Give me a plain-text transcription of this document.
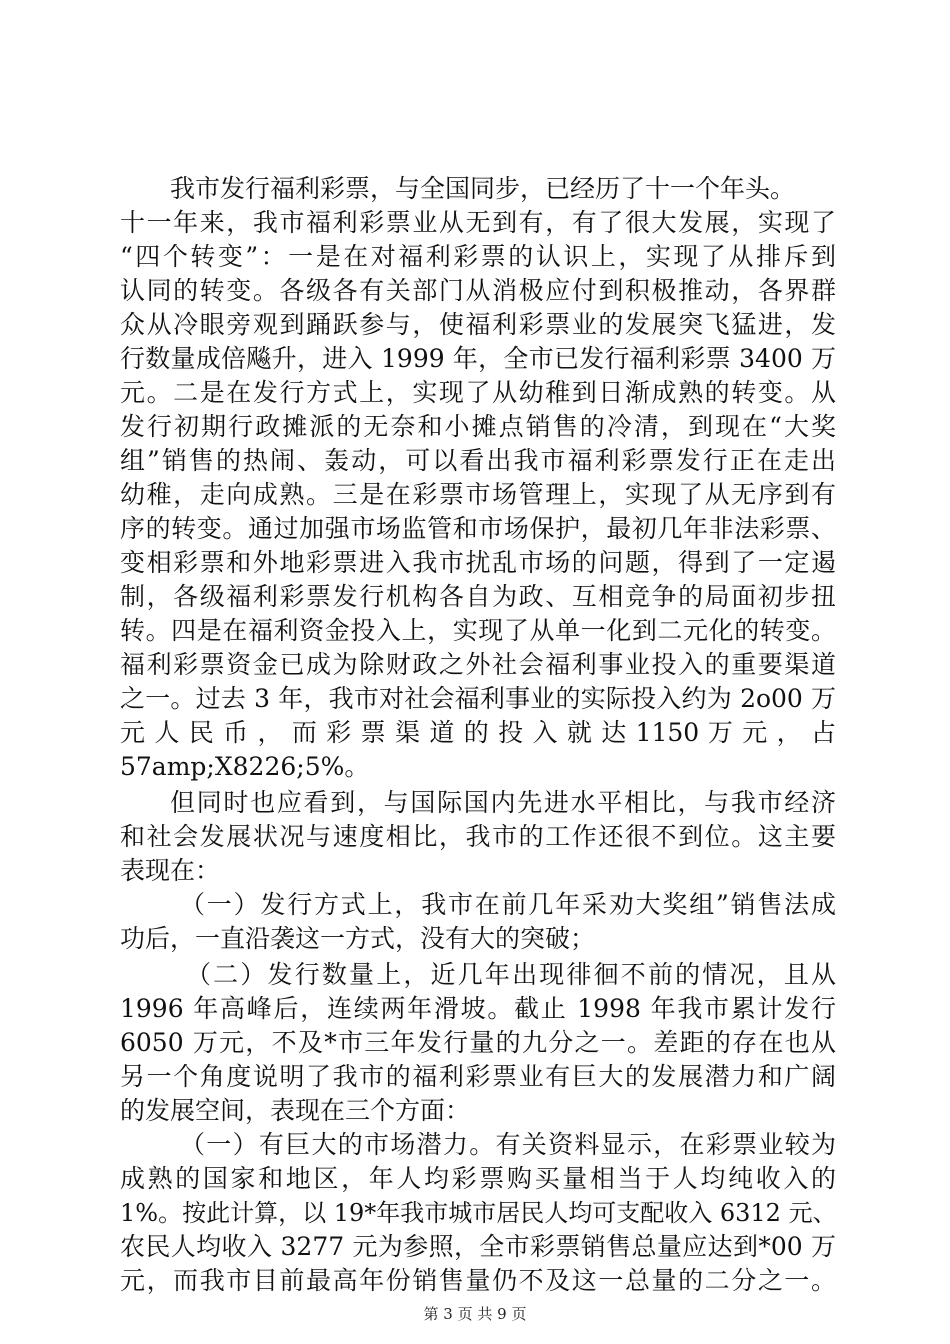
我市发行福利彩票，与全国同步，已经历了十一个年头。
十一年来，我市福利彩票业从无到有，有了很大发展，实现了
“四个转变”：一是在对福利彩票的认识上，实现了从排斥到
认同的转变。各级各有关部门从消极应付到积极推动，各界群
众从冷眼旁观到踊跃参与，使福利彩票业的发展突飞猛进，发
行数量成倍飚升，进入 1999 年，全市已发行福利彩票 3400 万
元。二是在发行方式上，实现了从幼稚到日渐成熟的转变。从
发行初期行政摊派的无奈和小摊点销售的冷清，到现在“大奖
组”销售的热闹、轰动，可以看出我市福利彩票发行正在走出
幼稚，走向成熟。三是在彩票市场管理上，实现了从无序到有
序的转变。通过加强市场监管和市场保护，最初几年非法彩票、
变相彩票和外地彩票进入我市扰乱市场的问题，得到了一定遏
制，各级福利彩票发行机构各自为政、互相竞争的局面初步扭
转。四是在福利资金投入上，实现了从单一化到二元化的转变。
福利彩票资金已成为除财政之外社会福利事业投入的重要渠道
之一。过去 3 年，我市对社会福利事业的实际投入约为 2o00 万
元 人 民 币 ， 而 彩 票 渠 道 的 投 入 就 达 1150 万 元 ， 占
57amp;X8226;5%。
但同时也应看到，与国际国内先进水平相比，与我市经济
和社会发展状况与速度相比，我市的工作还很不到位。这主要
表现在：
（一）发行方式上，我市在前几年采劝大奖组”销售法成
功后，一直沿袭这一方式，没有大的突破；
（二）发行数量上，近几年出现徘徊不前的情况，且从
1996 年高峰后，连续两年滑坡。截止 1998 年我市累计发行
6050 万元，不及*市三年发行量的九分之一。差距的存在也从
另一个角度说明了我市的福利彩票业有巨大的发展潜力和广阔
的发展空间，表现在三个方面：
（一）有巨大的市场潜力。有关资料显示，在彩票业较为
成熟的国家和地区，年人均彩票购买量相当于人均纯收入的
1%。按此计算，以 19*年我市城市居民人均可支配收入 6312 元、
农民人均收入 3277 元为参照，全市彩票销售总量应达到*00 万
元，而我市目前最高年份销售量仍不及这一总量的二分之一。
第 3 页 共 9 页
